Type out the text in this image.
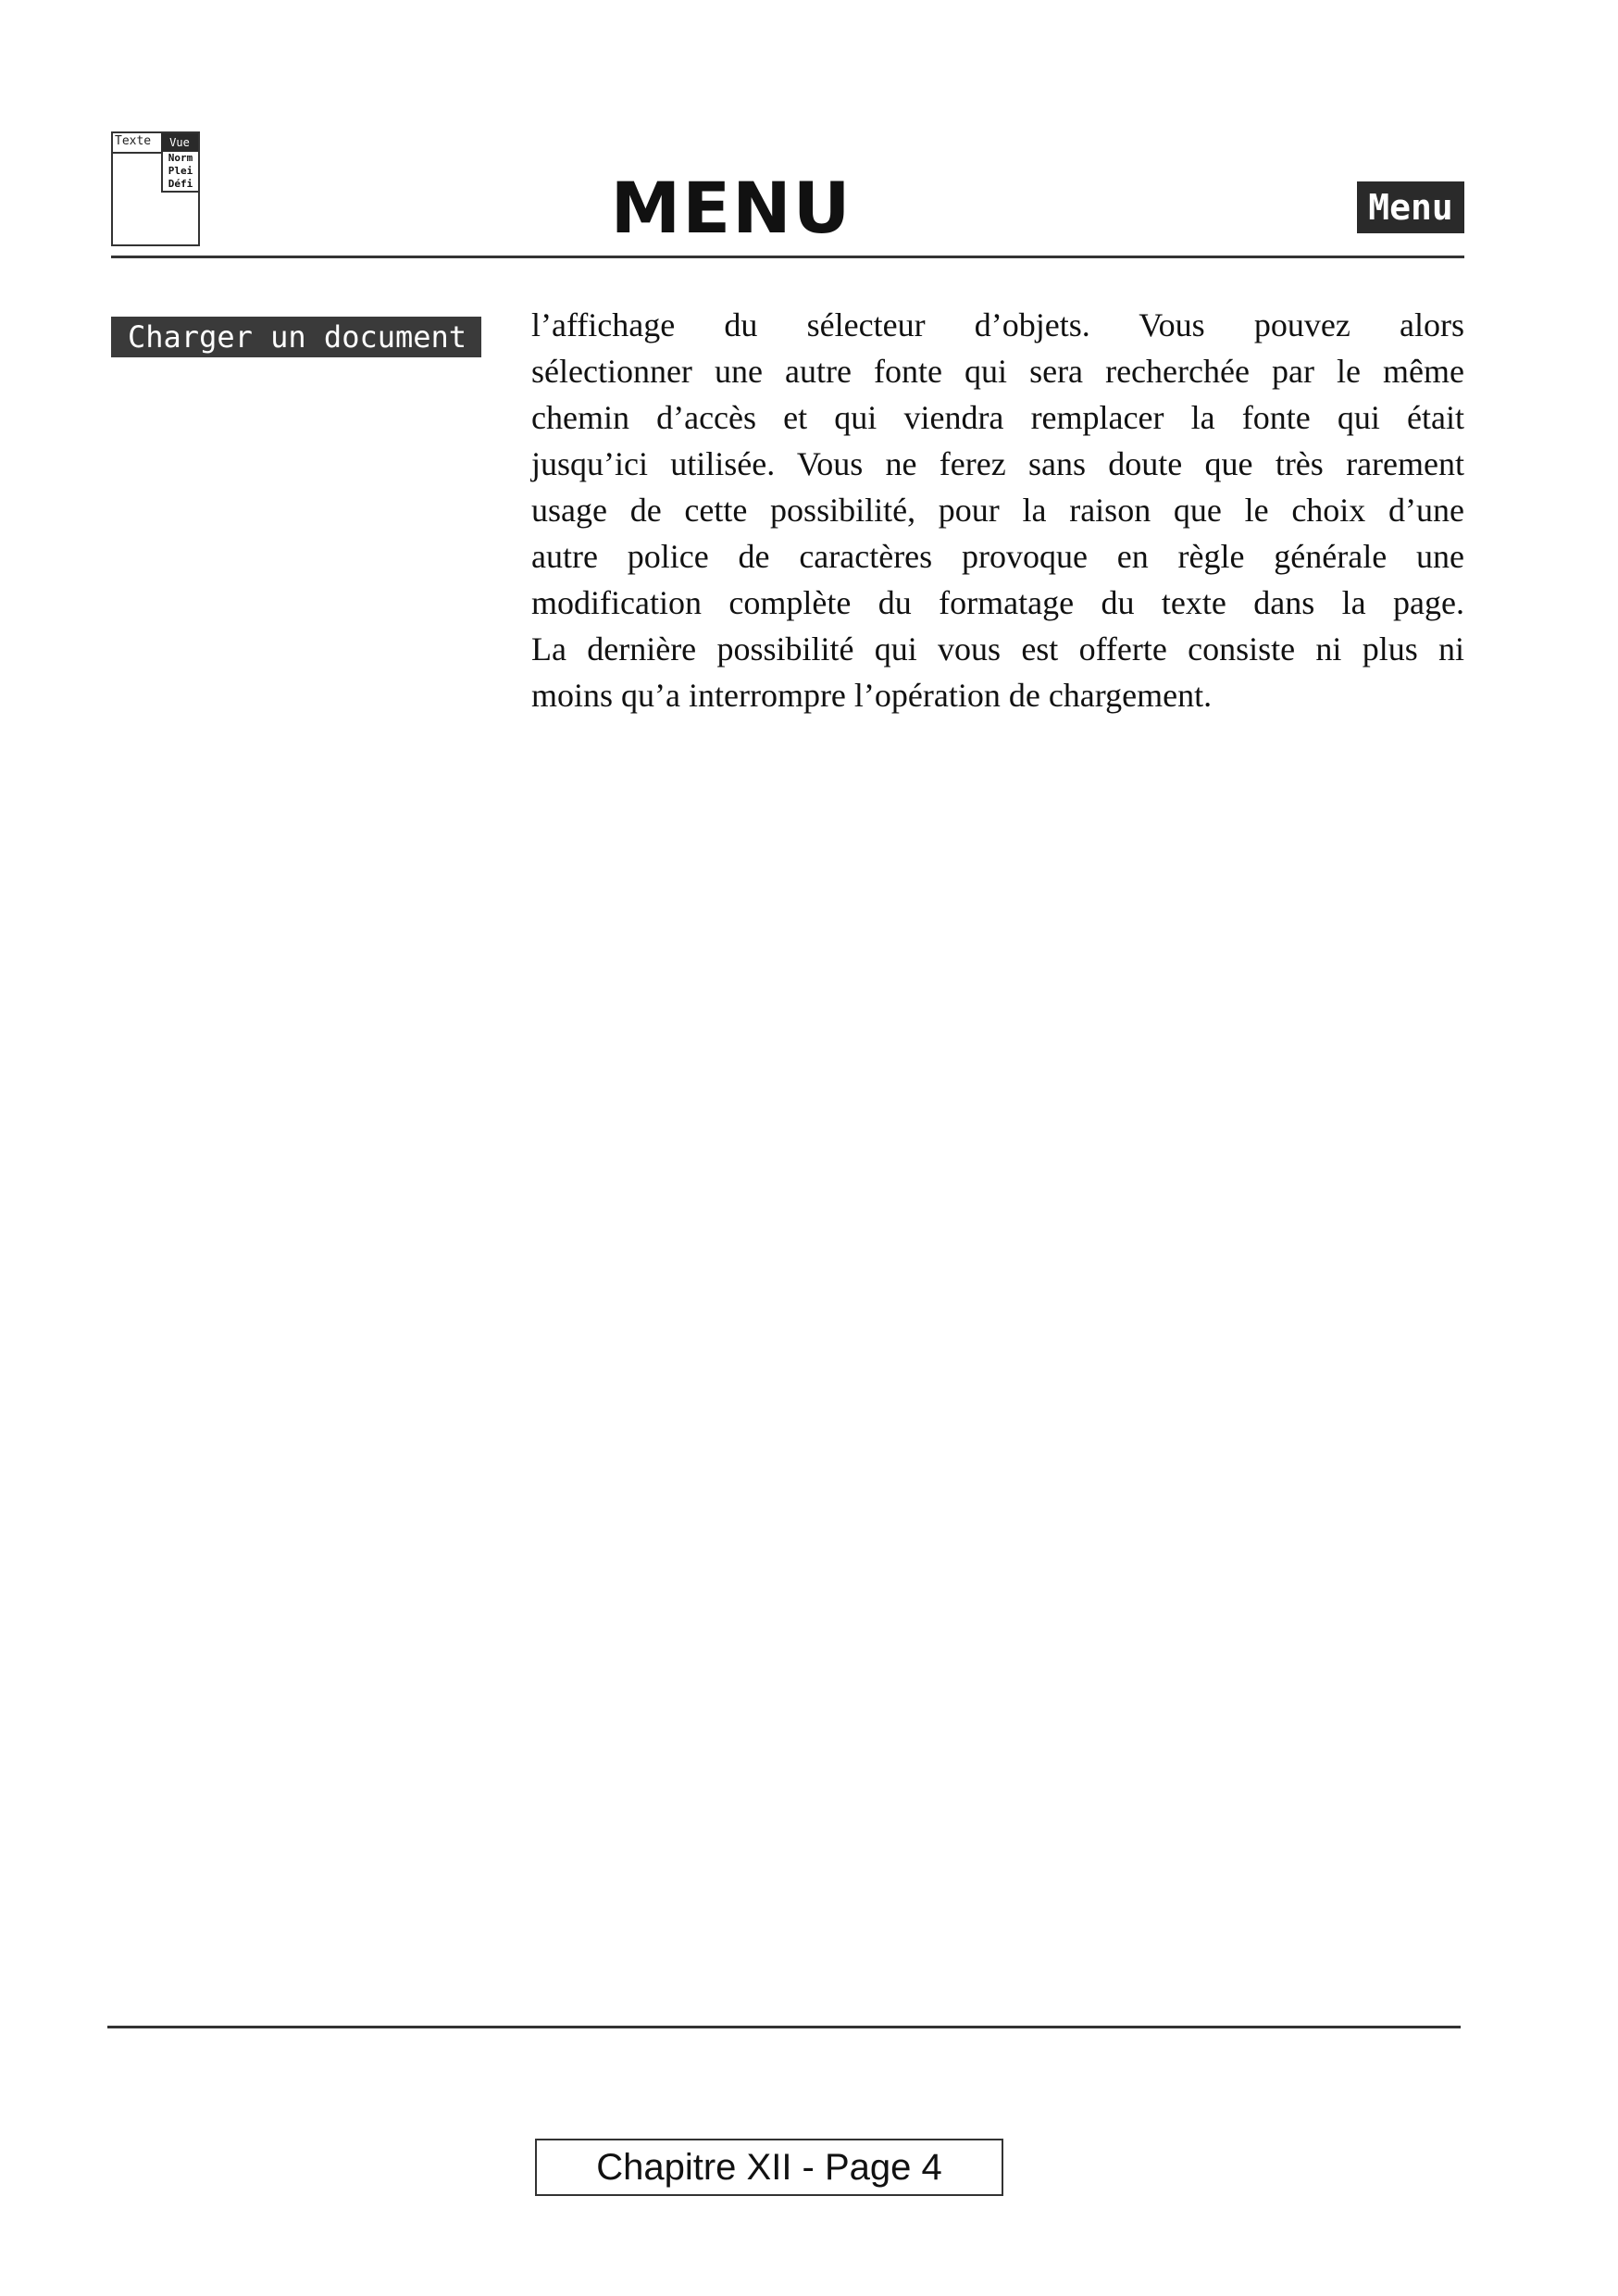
Texte	Vue
Norm
Plei
Défi	MENU	Menu
Charger un document	l’affichage du sélecteur d’objets. Vous pouvez alors
sélectionner une autre fonte qui sera recherchée par le même
chemin d’accès et qui viendra remplacer la fonte qui était
jusqu’ici utilisée. Vous ne ferez sans doute que très rarement
usage de cette possibilité, pour la raison que le choix d’une
autre police de caractères provoque en règle générale une
modification complète du formatage du texte dans la page.
La dernière possibilité qui vous est offerte consiste ni plus ni
moins qu’a interrompre l’opération de chargement.

Chapitre XII - Page 4
